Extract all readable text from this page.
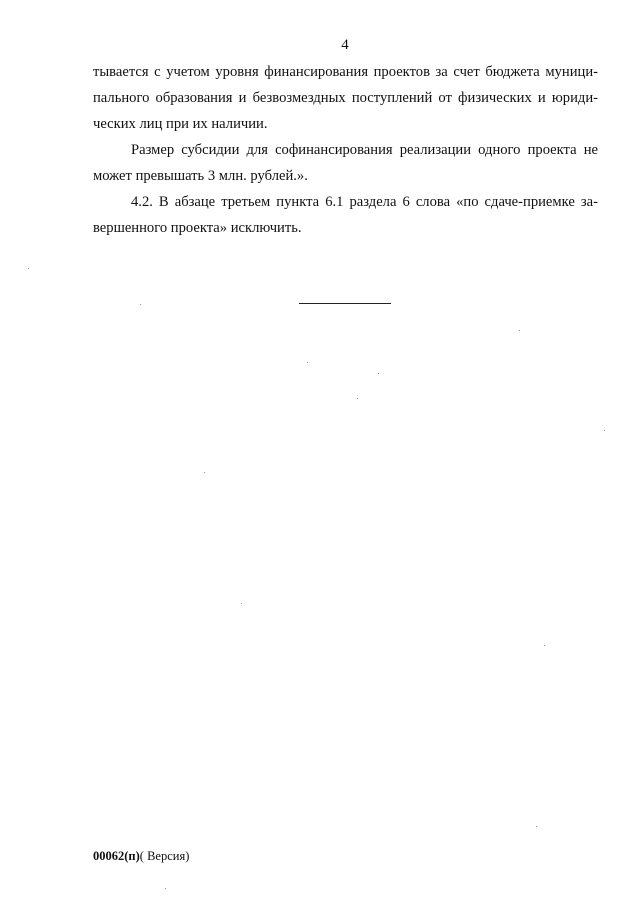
4
тывается с учетом уровня финансирования проектов за счет бюджета муници-
пального образования и безвозмездных поступлений от физических и юриди-
ческих лиц при их наличии.
Размер субсидии для софинансирования реализации одного проекта не
может превышать 3 млн. рублей.».
4.2. В абзаце третьем пункта 6.1 раздела 6 слова «по сдаче-приемке за-
вершенного проекта» исключить.
00062(п)( Версия)
